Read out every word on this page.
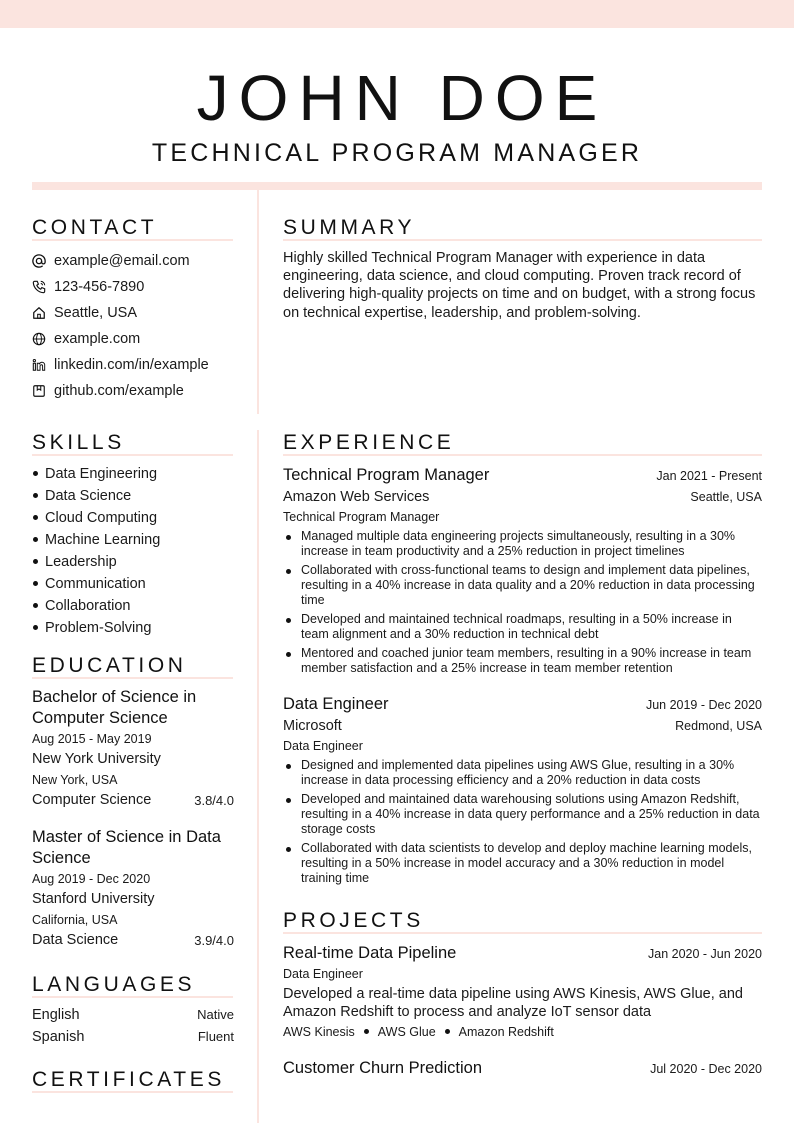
JOHN DOE
TECHNICAL PROGRAM MANAGER
CONTACT
example@email.com
123-456-7890
Seattle, USA
example.com
linkedin.com/in/example
github.com/example
SUMMARY
Highly skilled Technical Program Manager with experience in data engineering, data science, and cloud computing. Proven track record of delivering high-quality projects on time and on budget, with a strong focus on technical expertise, leadership, and problem-solving.
SKILLS
Data Engineering
Data Science
Cloud Computing
Machine Learning
Leadership
Communication
Collaboration
Problem-Solving
EDUCATION
Bachelor of Science in Computer Science
Aug 2015 - May 2019
New York University
New York, USA
Computer Science	3.8/4.0
Master of Science in Data Science
Aug 2019 - Dec 2020
Stanford University
California, USA
Data Science	3.9/4.0
LANGUAGES
English	Native
Spanish	Fluent
CERTIFICATES
EXPERIENCE
Technical Program Manager	Jan 2021 - Present
Amazon Web Services	Seattle, USA
Technical Program Manager
Managed multiple data engineering projects simultaneously, resulting in a 30% increase in team productivity and a 25% reduction in project timelines
Collaborated with cross-functional teams to design and implement data pipelines, resulting in a 40% increase in data quality and a 20% reduction in data processing time
Developed and maintained technical roadmaps, resulting in a 50% increase in team alignment and a 30% reduction in technical debt
Mentored and coached junior team members, resulting in a 90% increase in team member satisfaction and a 25% increase in team member retention
Data Engineer	Jun 2019 - Dec 2020
Microsoft	Redmond, USA
Data Engineer
Designed and implemented data pipelines using AWS Glue, resulting in a 30% increase in data processing efficiency and a 20% reduction in data costs
Developed and maintained data warehousing solutions using Amazon Redshift, resulting in a 40% increase in data query performance and a 25% reduction in data storage costs
Collaborated with data scientists to develop and deploy machine learning models, resulting in a 50% increase in model accuracy and a 30% reduction in model training time
PROJECTS
Real-time Data Pipeline	Jan 2020 - Jun 2020
Data Engineer
Developed a real-time data pipeline using AWS Kinesis, AWS Glue, and Amazon Redshift to process and analyze IoT sensor data
AWS Kinesis AWS Glue Amazon Redshift
Customer Churn Prediction	Jul 2020 - Dec 2020
